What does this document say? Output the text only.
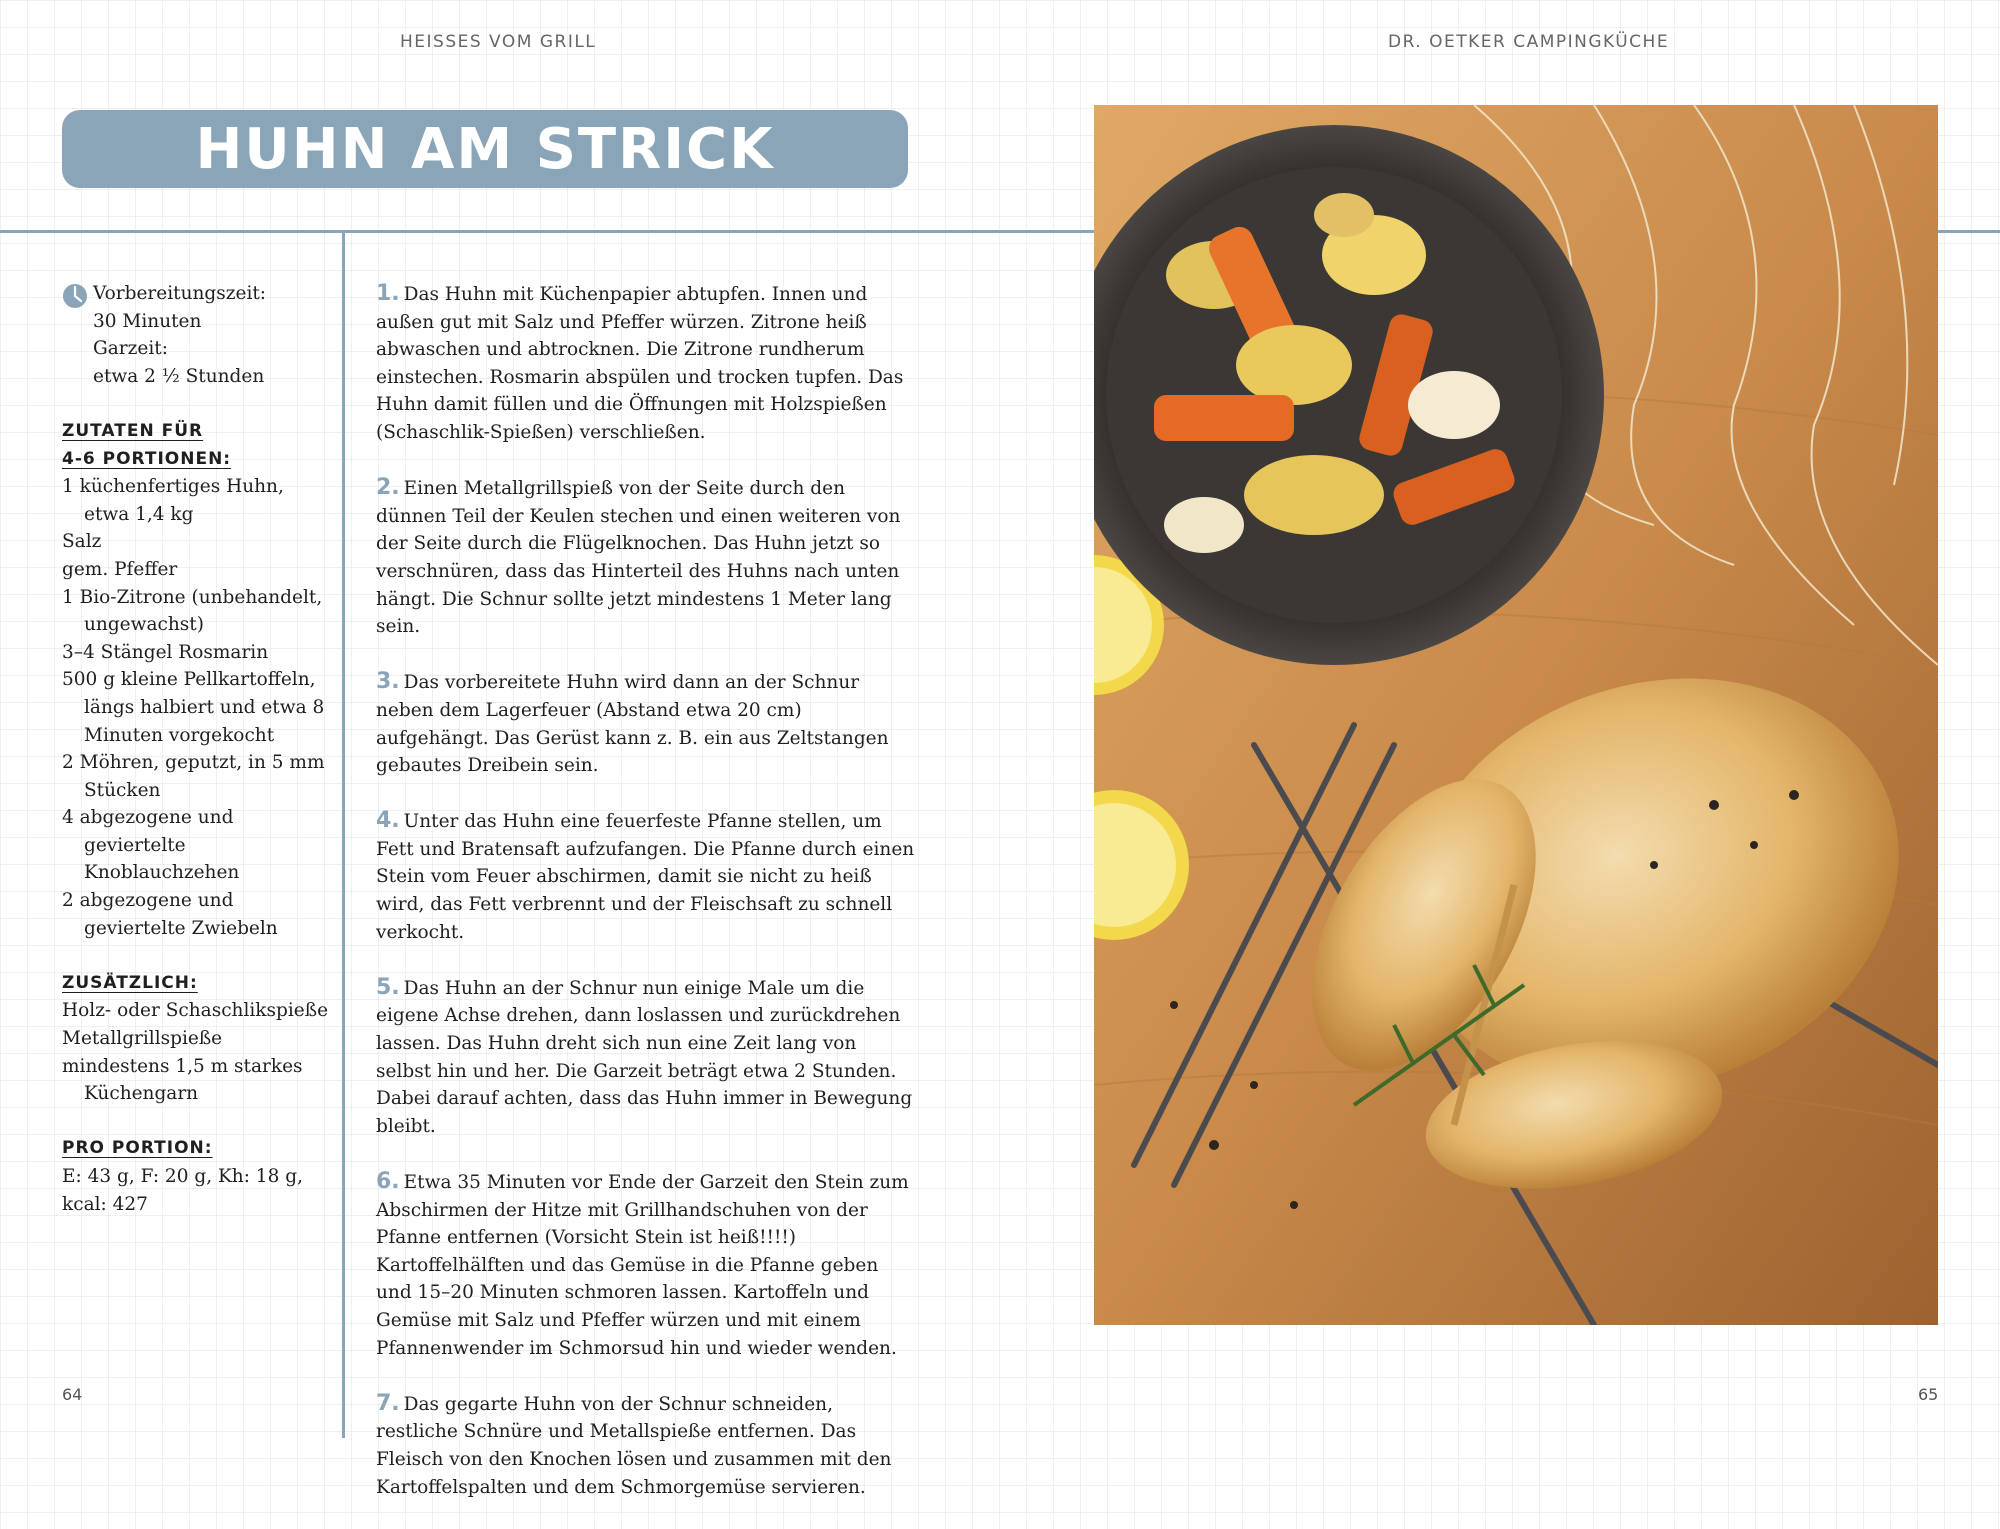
HEISSES VOM GRILL	DR. OETKER CAMPINGKÜCHE
HUHN AM STRICK
Vorbereitungszeit:
30 Minuten
Garzeit:
etwa 2 ½ Stunden
ZUTATEN FÜR
4-6 PORTIONEN:
1 küchenfertiges Huhn, etwa 1,4 kg
Salz
gem. Pfeffer
1 Bio-Zitrone (unbehandelt, ungewachst)
3–4 Stängel Rosmarin
500 g kleine Pellkartoffeln, längs halbiert und etwa 8 Minuten vorgekocht
2 Möhren, geputzt, in 5 mm Stücken
4 abgezogene und geviertelte Knoblauchzehen
2 abgezogene und geviertelte Zwiebeln
ZUSÄTZLICH:
Holz- oder Schaschlikspieße
Metallgrillspieße
mindestens 1,5 m starkes Küchengarn
PRO PORTION:
E: 43 g, F: 20 g, Kh: 18 g, kcal: 427

1. Das Huhn mit Küchenpapier abtupfen. Innen und außen gut mit Salz und Pfeffer würzen. Zitrone heiß abwaschen und abtrocknen. Die Zitrone rundherum einstechen. Rosmarin abspülen und trocken tupfen. Das Huhn damit füllen und die Öffnungen mit Holzspießen (Schaschlik-Spießen) verschließen.

2. Einen Metallgrillspieß von der Seite durch den dünnen Teil der Keulen stechen und einen weiteren von der Seite durch die Flügelknochen. Das Huhn jetzt so verschnüren, dass das Hinterteil des Huhns nach unten hängt. Die Schnur sollte jetzt mindestens 1 Meter lang sein.

3. Das vorbereitete Huhn wird dann an der Schnur neben dem Lagerfeuer (Abstand etwa 20 cm) aufgehängt. Das Gerüst kann z. B. ein aus Zeltstangen gebautes Dreibein sein.

4. Unter das Huhn eine feuerfeste Pfanne stellen, um Fett und Bratensaft aufzufangen. Die Pfanne durch einen Stein vom Feuer abschirmen, damit sie nicht zu heiß wird, das Fett verbrennt und der Fleischsaft zu schnell verkocht.

5. Das Huhn an der Schnur nun einige Male um die eigene Achse drehen, dann loslassen und zurückdrehen lassen. Das Huhn dreht sich nun eine Zeit lang von selbst hin und her. Die Garzeit beträgt etwa 2 Stunden. Dabei darauf achten, dass das Huhn immer in Bewegung bleibt.

6. Etwa 35 Minuten vor Ende der Garzeit den Stein zum Abschirmen der Hitze mit Grillhandschuhen von der Pfanne entfernen (Vorsicht Stein ist heiß!!!!) Kartoffelhälften und das Gemüse in die Pfanne geben und 15–20 Minuten schmoren lassen. Kartoffeln und Gemüse mit Salz und Pfeffer würzen und mit einem Pfannenwender im Schmorsud hin und wieder wenden.

7. Das gegarte Huhn von der Schnur schneiden, restliche Schnüre und Metallspieße entfernen. Das Fleisch von den Knochen lösen und zusammen mit den Kartoffelspalten und dem Schmorgemüse servieren.

64	65
